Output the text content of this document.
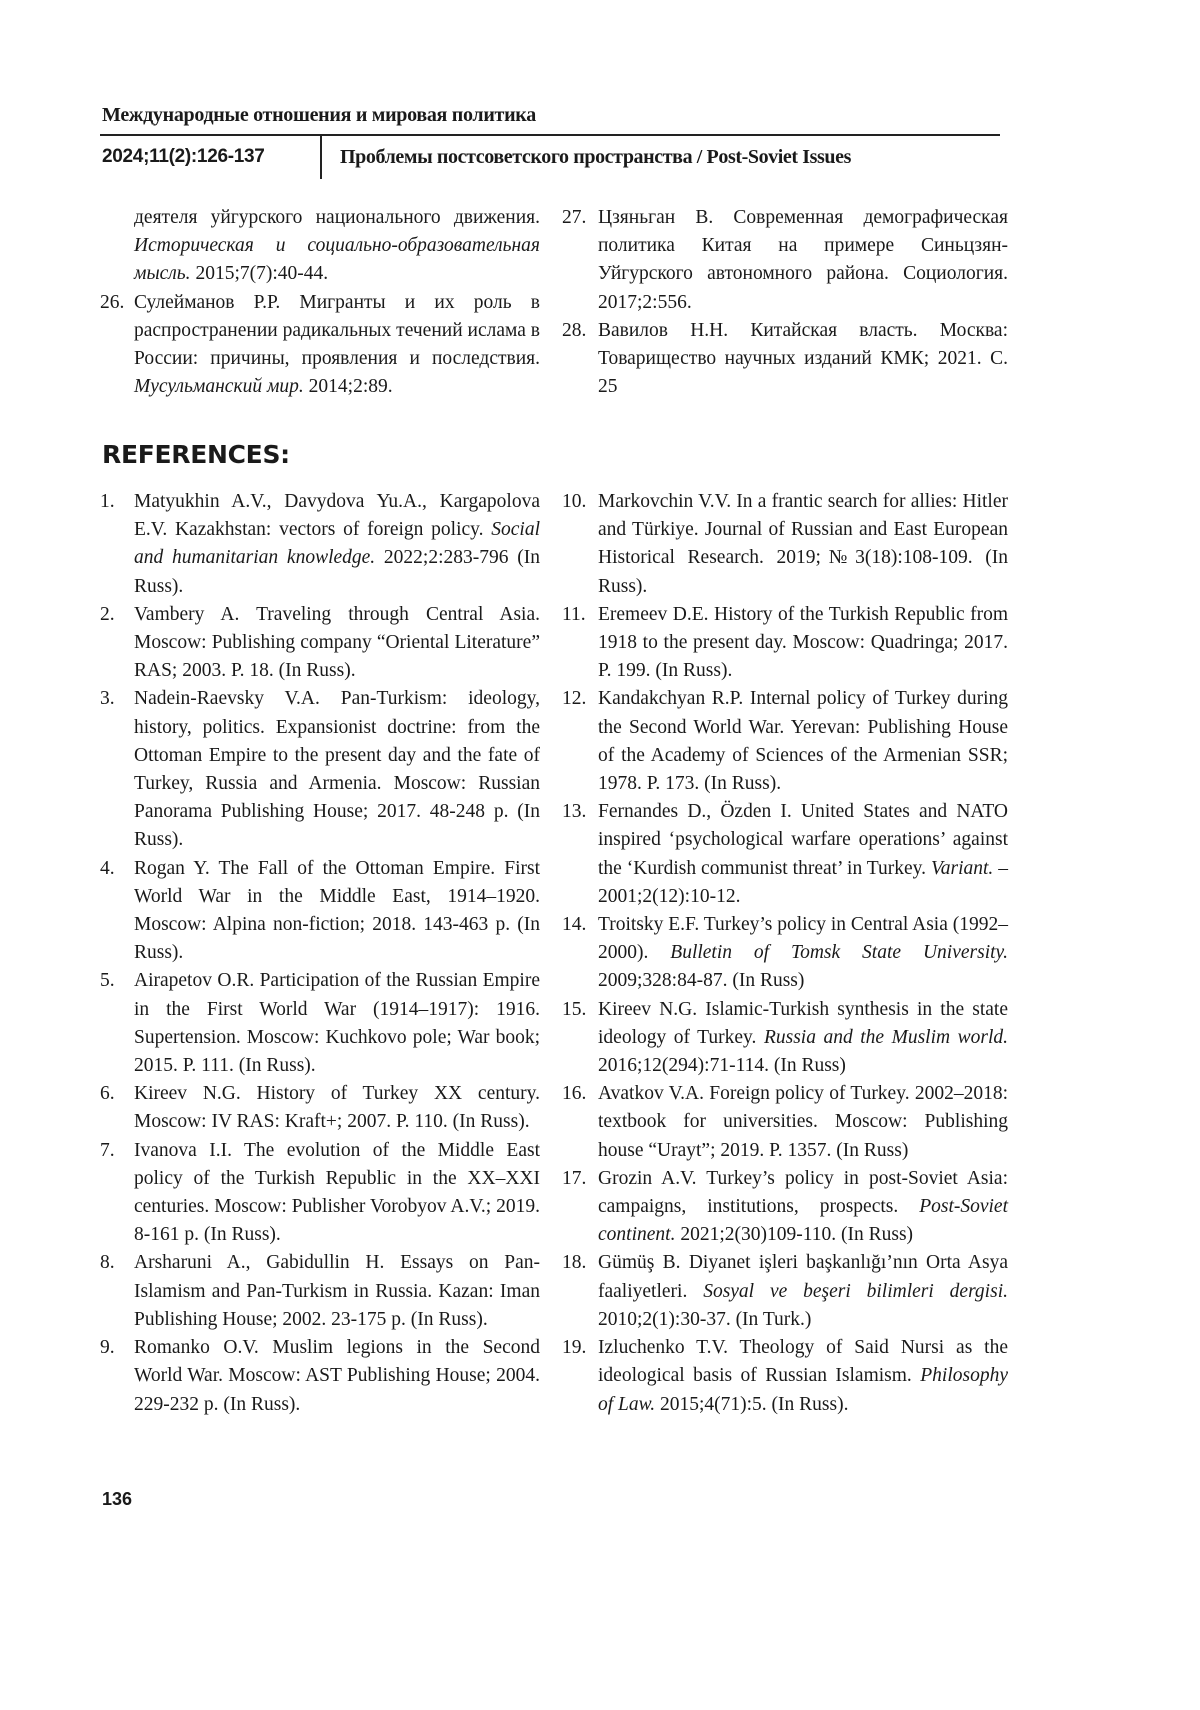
Международные отношения и мировая политика
2024;11(2):126-137	Проблемы постсоветского пространства / Post-Soviet Issues
деятеля уйгурского национального движения. Историческая и социально-образовательная мысль. 2015;7(7):40-44.
26. Сулейманов Р.Р. Мигранты и их роль в распространении радикальных течений ислама в России: причины, проявления и последствия. Мусульманский мир. 2014;2:89.
27. Цзяньган В. Современная демографическая политика Китая на примере Синьцзян-Уйгурского автономного района. Социология. 2017;2:556.
28. Вавилов Н.Н. Китайская власть. Москва: Товарищество научных изданий КМК; 2021. С. 25
REFERENCES:
1. Matyukhin A.V., Davydova Yu.A., Kargapolova E.V. Kazakhstan: vectors of foreign policy. Social and humanitarian knowledge. 2022;2:283-796 (In Russ).
2. Vambery A. Traveling through Central Asia. Moscow: Publishing company “Oriental Literature” RAS; 2003. P. 18. (In Russ).
3. Nadein-Raevsky V.A. Pan-Turkism: ideology, history, politics. Expansionist doctrine: from the Ottoman Empire to the present day and the fate of Turkey, Russia and Armenia. Moscow: Russian Panorama Publishing House; 2017. 48-248 p. (In Russ).
4. Rogan Y. The Fall of the Ottoman Empire. First World War in the Middle East, 1914–1920. Moscow: Alpina non-fiction; 2018. 143-463 p. (In Russ).
5. Airapetov O.R. Participation of the Russian Empire in the First World War (1914–1917): 1916. Supertension. Moscow: Kuchkovo pole; War book; 2015. P. 111. (In Russ).
6. Kireev N.G. History of Turkey XX century. Moscow: IV RAS: Kraft+; 2007. P. 110. (In Russ).
7. Ivanova I.I. The evolution of the Middle East policy of the Turkish Republic in the XX–XXI centuries. Moscow: Publisher Vorobyov A.V.; 2019. 8-161 p. (In Russ).
8. Arsharuni A., Gabidullin H. Essays on Pan-Islamism and Pan-Turkism in Russia. Kazan: Iman Publishing House; 2002. 23-175 p. (In Russ).
9. Romanko O.V. Muslim legions in the Second World War. Moscow: AST Publishing House; 2004. 229-232 p. (In Russ).
10. Markovchin V.V. In a frantic search for allies: Hitler and Türkiye. Journal of Russian and East European Historical Research. 2019;№3(18):108-109. (In Russ).
11. Eremeev D.E. History of the Turkish Republic from 1918 to the present day. Moscow: Quadringa; 2017. P. 199. (In Russ).
12. Kandakchyan R.P. Internal policy of Turkey during the Second World War. Yerevan: Publishing House of the Academy of Sciences of the Armenian SSR; 1978. P. 173. (In Russ).
13. Fernandes D., Özden I. United States and NATO inspired ‘psychological warfare operations’ against the ‘Kurdish communist threat’ in Turkey. Variant. – 2001;2(12):10-12.
14. Troitsky E.F. Turkey’s policy in Central Asia (1992–2000). Bulletin of Tomsk State University. 2009;328:84-87. (In Russ)
15. Kireev N.G. Islamic-Turkish synthesis in the state ideology of Turkey. Russia and the Muslim world. 2016;12(294):71-114. (In Russ)
16. Avatkov V.A. Foreign policy of Turkey. 2002–2018: textbook for universities. Moscow: Publishing house “Urayt”; 2019. P. 1357. (In Russ)
17. Grozin A.V. Turkey’s policy in post-Soviet Asia: campaigns, institutions, prospects. Post-Soviet continent. 2021;2(30)109-110. (In Russ)
18. Gümüş B. Diyanet işleri başkanlığı’nın Orta Asya faaliyetleri. Sosyal ve beşeri bilimleri dergisi. 2010;2(1):30-37. (In Turk.)
19. Izluchenko T.V. Theology of Said Nursi as the ideological basis of Russian Islamism. Philosophy of Law. 2015;4(71):5. (In Russ).
136
